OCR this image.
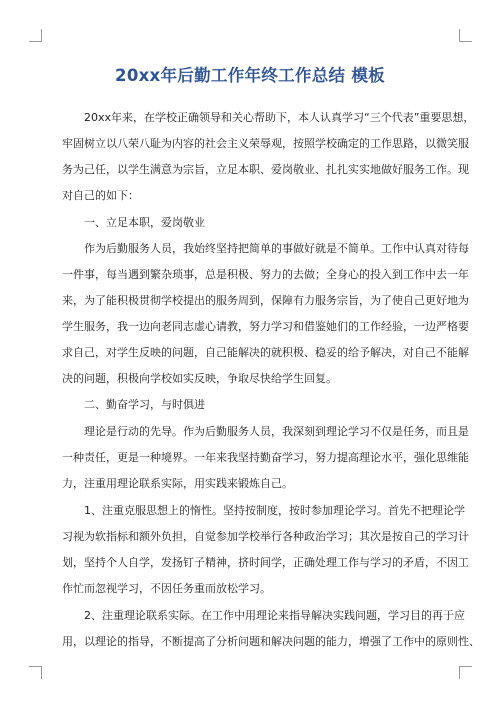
20xx年后勤工作年终工作总结 模板
20xx年来，在学校正确领导和关心帮助下，本人认真学习“三个代表”重要思想，
牢固树立以八荣八耻为内容的社会主义荣辱观，按照学校确定的工作思路，以微笑服
务为己任，以学生满意为宗旨，立足本职、爱岗敬业、扎扎实实地做好服务工作。现
对自己的如下：
一、立足本职，爱岗敬业
作为后勤服务人员，我始终坚持把简单的事做好就是不简单。工作中认真对待每
一件事，每当遇到繁杂琐事，总是积极、努力的去做；全身心的投入到工作中去一年
来，为了能积极贯彻学校提出的服务周到，保障有力服务宗旨，为了使自己更好地为
学生服务，我一边向老同志虚心请教，努力学习和借鉴她们的工作经验，一边严格要
求自己，对学生反映的问题，自己能解决的就积极、稳妥的给予解决，对自己不能解
决的问题，积极向学校如实反映，争取尽快给学生回复。
二、勤奋学习，与时俱进
理论是行动的先导。作为后勤服务人员，我深刻到理论学习不仅是任务，而且是
一种责任，更是一种境界。一年来我坚持勤奋学习，努力提高理论水平，强化思维能
力，注重用理论联系实际，用实践来锻炼自己。
1、注重克服思想上的惰性。坚持按制度，按时参加理论学习。首先不把理论学
习视为软指标和额外负担，自觉参加学校举行各种政治学习；其次是按自己的学习计
划，坚持个人自学，发扬钉子精神，挤时间学，正确处理工作与学习的矛盾，不因工
作忙而忽视学习，不因任务重而放松学习。
2、注重理论联系实际。在工作中用理论来指导解决实践问题，学习目的再于应
用，以理论的指导，不断提高了分析问题和解决问题的能力，增强了工作中的原则性、
